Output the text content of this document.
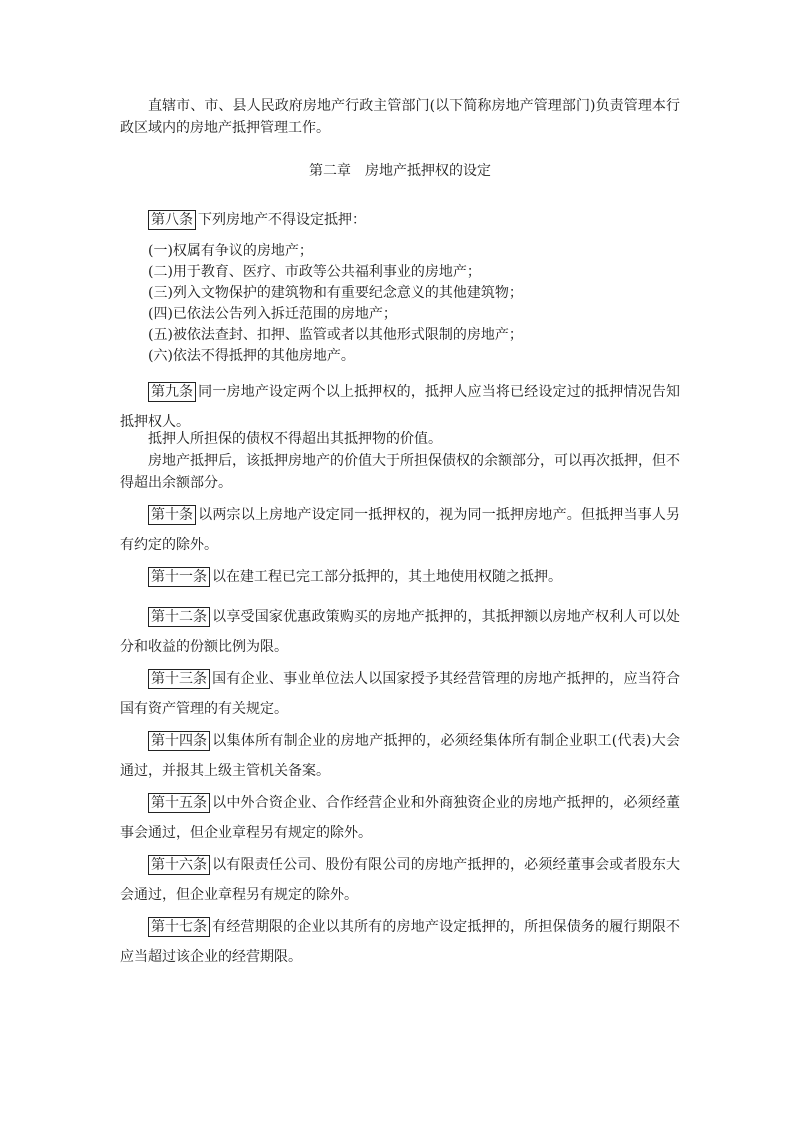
直辖市、市、县人民政府房地产行政主管部门(以下简称房地产管理部门)负责管理本行政区域内的房地产抵押管理工作。

第二章　房地产抵押权的设定

第八条 下列房地产不得设定抵押：

(一)权属有争议的房地产；
(二)用于教育、医疗、市政等公共福利事业的房地产；
(三)列入文物保护的建筑物和有重要纪念意义的其他建筑物；
(四)已依法公告列入拆迁范围的房地产；
(五)被依法查封、扣押、监管或者以其他形式限制的房地产；
(六)依法不得抵押的其他房地产。

第九条 同一房地产设定两个以上抵押权的，抵押人应当将已经设定过的抵押情况告知抵押权人。

抵押人所担保的债权不得超出其抵押物的价值。

房地产抵押后，该抵押房地产的价值大于所担保债权的余额部分，可以再次抵押，但不得超出余额部分。

第十条 以两宗以上房地产设定同一抵押权的，视为同一抵押房地产。但抵押当事人另有约定的除外。

第十一条 以在建工程已完工部分抵押的，其土地使用权随之抵押。

第十二条 以享受国家优惠政策购买的房地产抵押的，其抵押额以房地产权利人可以处分和收益的份额比例为限。

第十三条 国有企业、事业单位法人以国家授予其经营管理的房地产抵押的，应当符合国有资产管理的有关规定。

第十四条 以集体所有制企业的房地产抵押的，必须经集体所有制企业职工(代表)大会通过，并报其上级主管机关备案。

第十五条 以中外合资企业、合作经营企业和外商独资企业的房地产抵押的，必须经董事会通过，但企业章程另有规定的除外。

第十六条 以有限责任公司、股份有限公司的房地产抵押的，必须经董事会或者股东大会通过，但企业章程另有规定的除外。

第十七条 有经营期限的企业以其所有的房地产设定抵押的，所担保债务的履行期限不应当超过该企业的经营期限。
